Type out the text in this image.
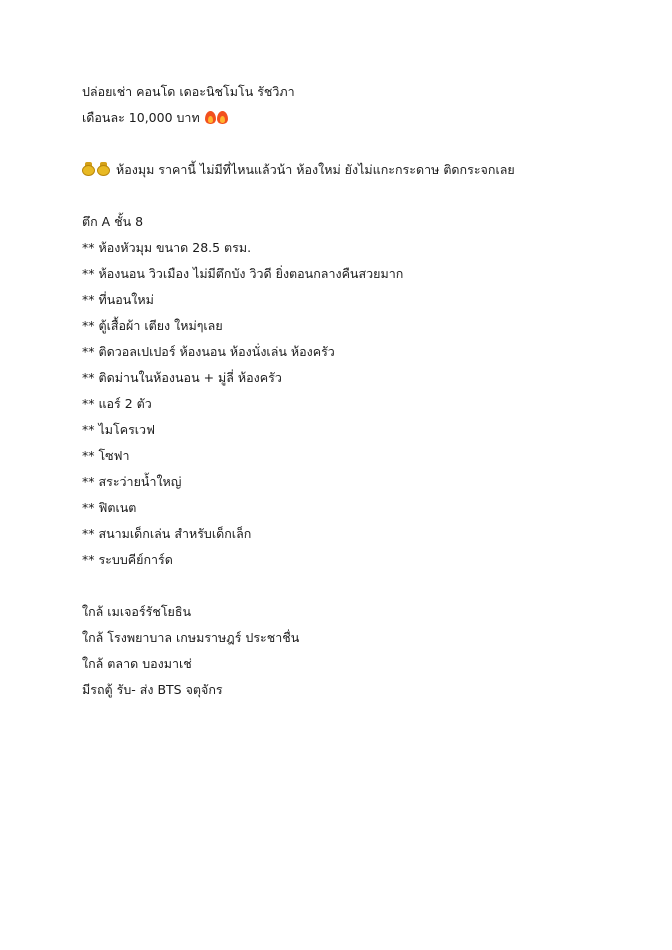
ปล่อยเช่า คอนโด เดอะนิชโมโน รัชวิภา
เดือนละ 10,000 บาท
ห้องมุม ราคานี้ ไม่มีที่ไหนแล้วน้า ห้องใหม่ ยังไม่แกะกระดาษ ติดกระจกเลย
ตึก A ชั้น 8
** ห้องหัวมุม ขนาด 28.5 ตรม.
** ห้องนอน วิวเมือง ไม่มีตึกบัง วิวดี ยิ่งตอนกลางคืนสวยมาก
** ที่นอนใหม่
** ตู้เสื้อผ้า เตียง ใหม่ๆเลย
** ติดวอลเปเปอร์ ห้องนอน ห้องนั่งเล่น ห้องครัว
** ติดม่านในห้องนอน + มู่ลี่ ห้องครัว
** แอร์ 2 ตัว
** ไมโครเวฟ
** โซฟา
** สระว่ายน้ำใหญ่
** ฟิตเนต
** สนามเด็กเล่น สำหรับเด็กเล็ก
** ระบบคีย์การ์ด
ใกล้ เมเจอร์รัชโยธิน
ใกล้ โรงพยาบาล เกษมราษฎร์ ประชาชื่น
ใกล้ ตลาด บองมาเช่
มีรถตู้ รับ- ส่ง BTS จตุจักร
